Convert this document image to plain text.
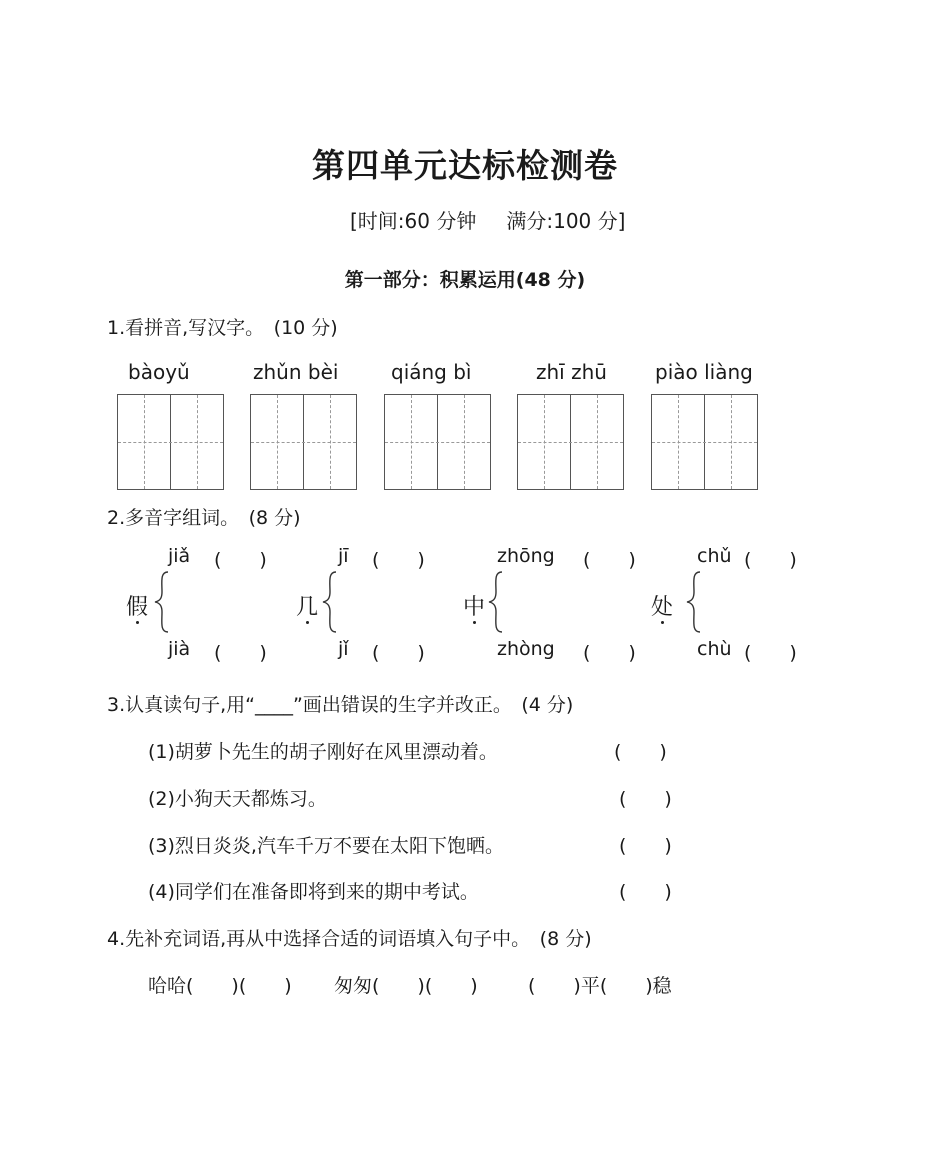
第四单元达标检测卷
[时间:60 分钟 满分:100 分]
第一部分：积累运用(48 分)
1.看拼音,写汉字。　(10 分)
bàoyǔ	zhǔn bèi	qiáng bì	zhī zhū piào liàng
2.多音字组词。　(8 分)
jiǎ (　　)
假
jià (　　)
jī (　　)
几
jǐ (　　)
zhōng (　　)
中
zhòng (　　)
chǔ (　　)
处
chù (　　)
3.认真读句子,用“____”画出错误的生字并改正。　(4 分)
(1)胡萝卜先生的胡子刚好在风里漂动着。	(　　)
(2)小狗天天都炼习。	(　　)
(3)烈日炎炎,汽车千万不要在太阳下饱晒。	(　　)
(4)同学们在准备即将到来的期中考试。	(　　)
4.先补充词语,再从中选择合适的词语填入句子中。　(8 分)
哈哈(　　)(　　) 匆匆(　　)(　　)	(　　)平(　　)稳
